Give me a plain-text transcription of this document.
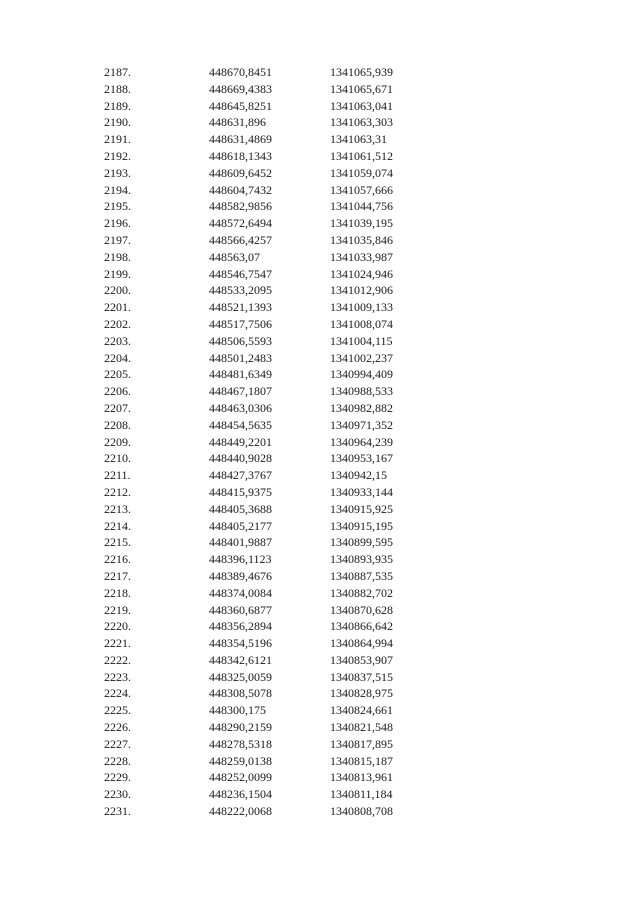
2187.	448670,8451	1341065,939
2188.	448669,4383	1341065,671
2189.	448645,8251	1341063,041
2190.	448631,896	1341063,303
2191.	448631,4869	1341063,31
2192.	448618,1343	1341061,512
2193.	448609,6452	1341059,074
2194.	448604,7432	1341057,666
2195.	448582,9856	1341044,756
2196.	448572,6494	1341039,195
2197.	448566,4257	1341035,846
2198.	448563,07	1341033,987
2199.	448546,7547	1341024,946
2200.	448533,2095	1341012,906
2201.	448521,1393	1341009,133
2202.	448517,7506	1341008,074
2203.	448506,5593	1341004,115
2204.	448501,2483	1341002,237
2205.	448481,6349	1340994,409
2206.	448467,1807	1340988,533
2207.	448463,0306	1340982,882
2208.	448454,5635	1340971,352
2209.	448449,2201	1340964,239
2210.	448440,9028	1340953,167
2211.	448427,3767	1340942,15
2212.	448415,9375	1340933,144
2213.	448405,3688	1340915,925
2214.	448405,2177	1340915,195
2215.	448401,9887	1340899,595
2216.	448396,1123	1340893,935
2217.	448389,4676	1340887,535
2218.	448374,0084	1340882,702
2219.	448360,6877	1340870,628
2220.	448356,2894	1340866,642
2221.	448354,5196	1340864,994
2222.	448342,6121	1340853,907
2223.	448325,0059	1340837,515
2224.	448308,5078	1340828,975
2225.	448300,175	1340824,661
2226.	448290,2159	1340821,548
2227.	448278,5318	1340817,895
2228.	448259,0138	1340815,187
2229.	448252,0099	1340813,961
2230.	448236,1504	1340811,184
2231.	448222,0068	1340808,708
